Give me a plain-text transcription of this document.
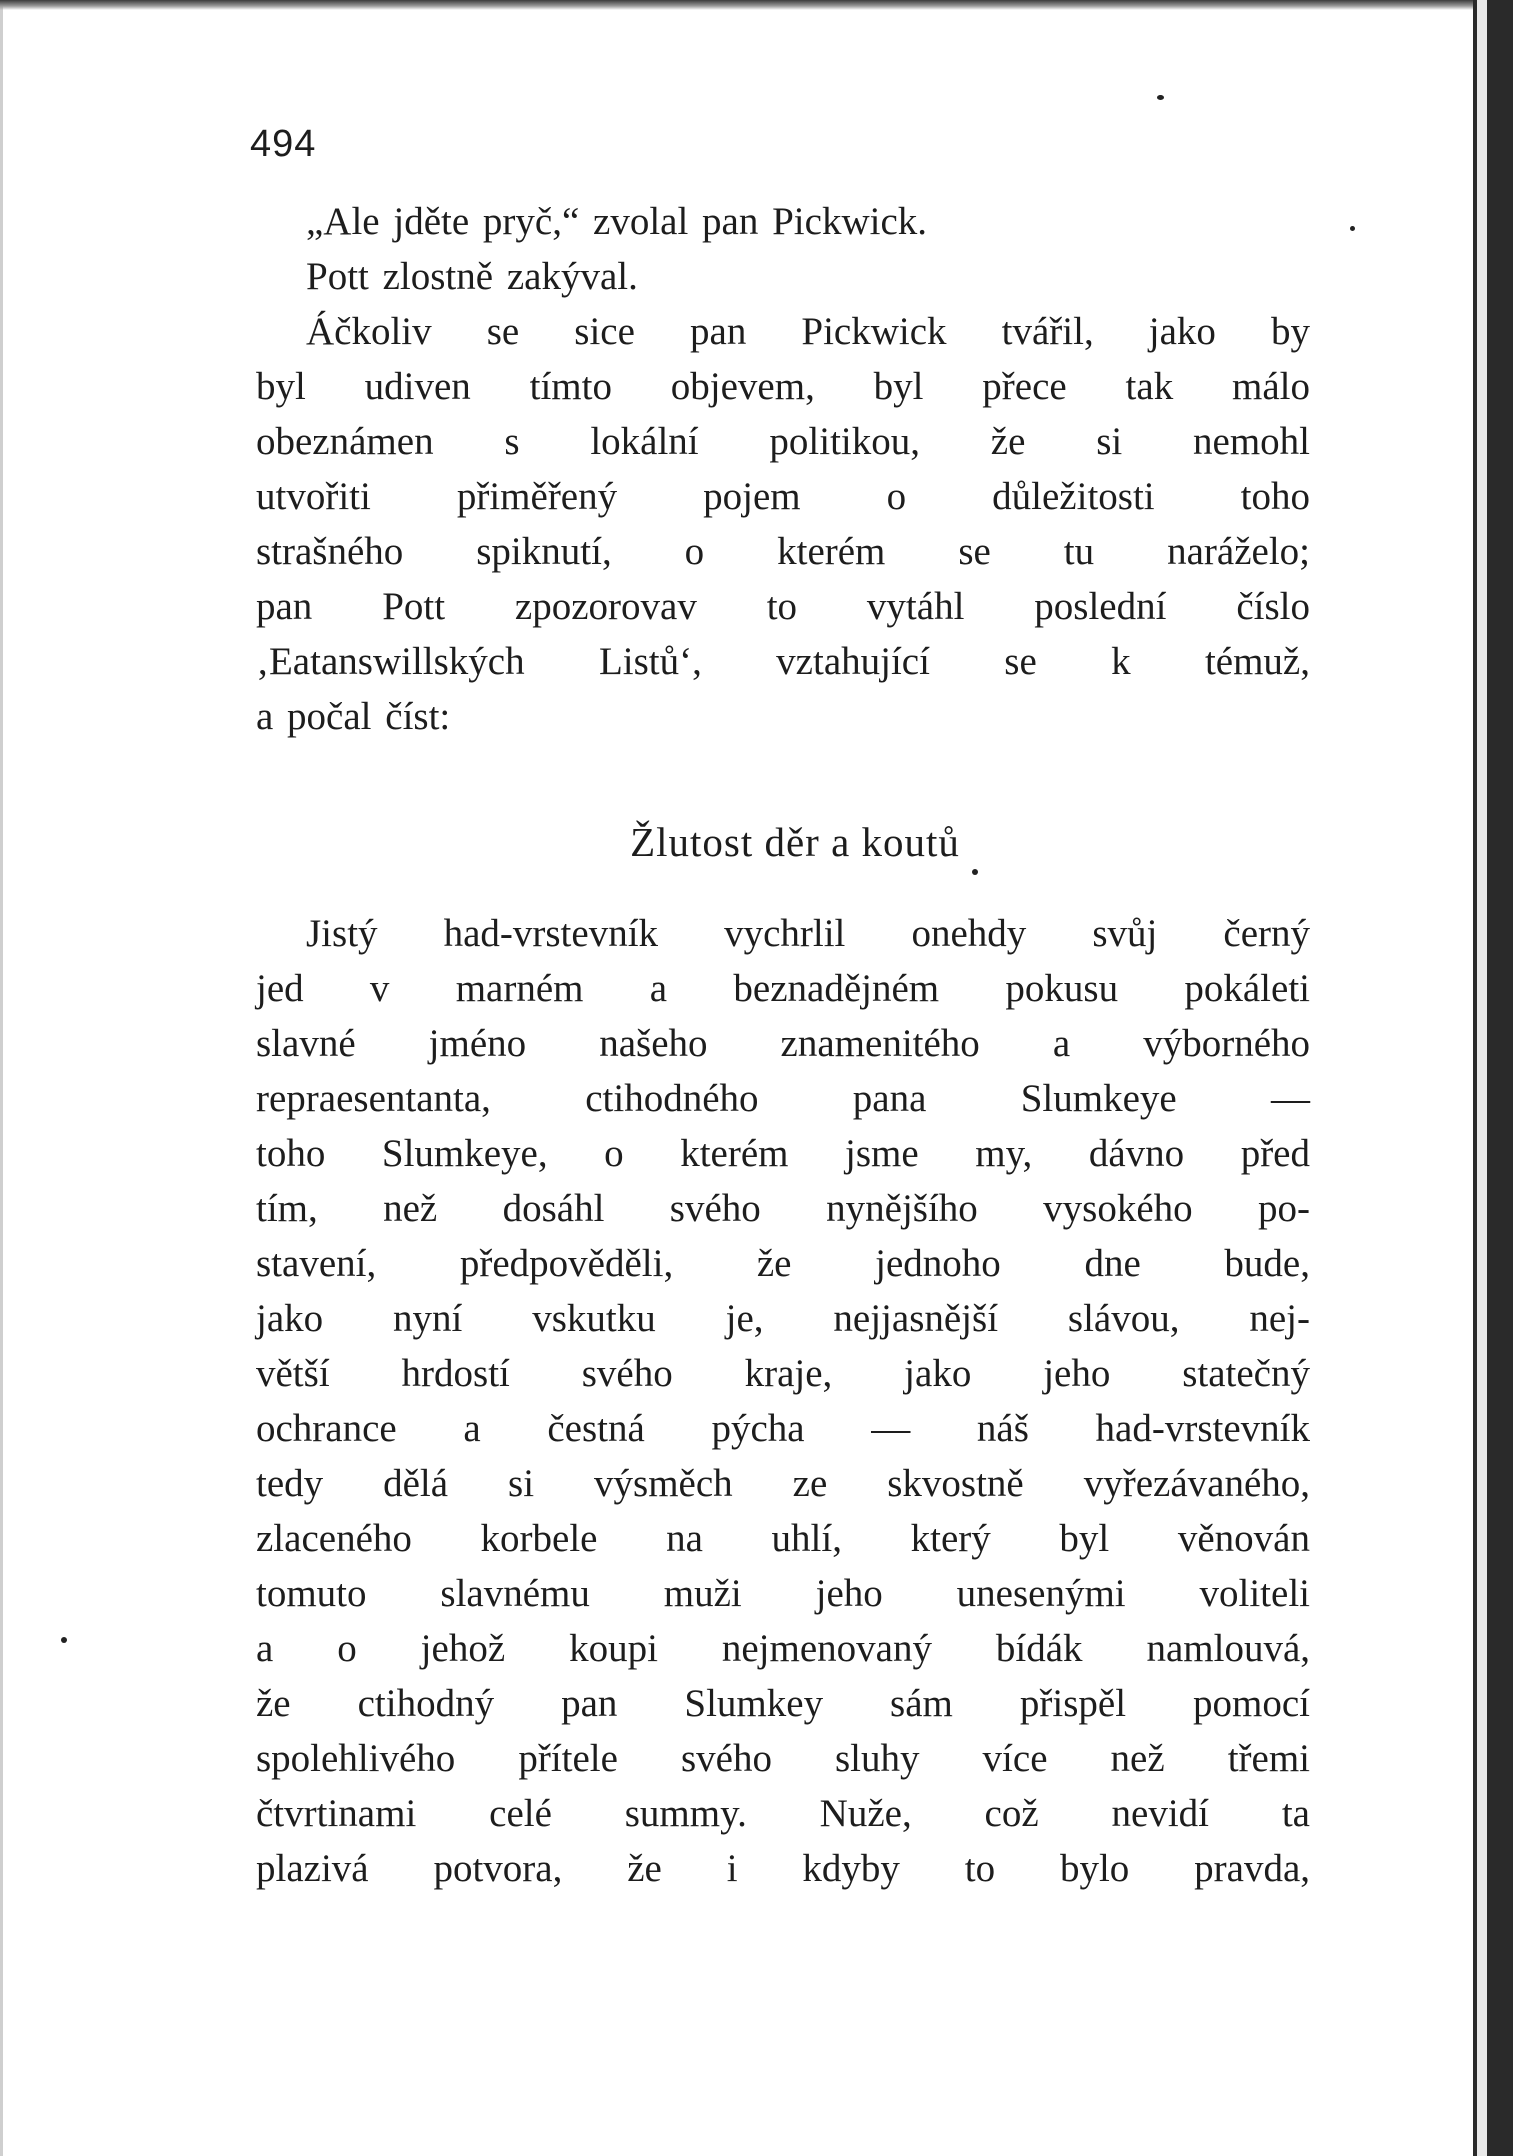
494
„Ale jděte pryč,“ zvolal pan Pickwick.
Pott zlostně zakýval.
Áčkoliv se sice pan Pickwick tvářil, jako by
byl udiven tímto objevem, byl přece tak málo
obeznámen s lokální politikou, že si nemohl
utvořiti přiměřený pojem o důležitosti toho
strašného spiknutí, o kterém se tu naráželo;
pan Pott zpozorovav to vytáhl poslední číslo
‚Eatanswillských Listů‘, vztahující se k témuž,
a počal číst:
Žlutost děr a koutů
Jistý had-vrstevník vychrlil onehdy svůj černý
jed v marném a beznadějném pokusu pokáleti
slavné jméno našeho znamenitého a výborného
repraesentanta, ctihodného pana Slumkeye —
toho Slumkeye, o kterém jsme my, dávno před
tím, než dosáhl svého nynějšího vysokého po-
stavení, předpověděli, že jednoho dne bude,
jako nyní vskutku je, nejjasnější slávou, nej-
větší hrdostí svého kraje, jako jeho statečný
ochrance a čestná pýcha — náš had-vrstevník
tedy dělá si výsměch ze skvostně vyřezávaného,
zlaceného korbele na uhlí, který byl věnován
tomuto slavnému muži jeho unesenými voliteli
a o jehož koupi nejmenovaný bídák namlouvá,
že ctihodný pan Slumkey sám přispěl pomocí
spolehlivého přítele svého sluhy více než třemi
čtvrtinami celé summy. Nuže, což nevidí ta
plazivá potvora, že i kdyby to bylo pravda,
